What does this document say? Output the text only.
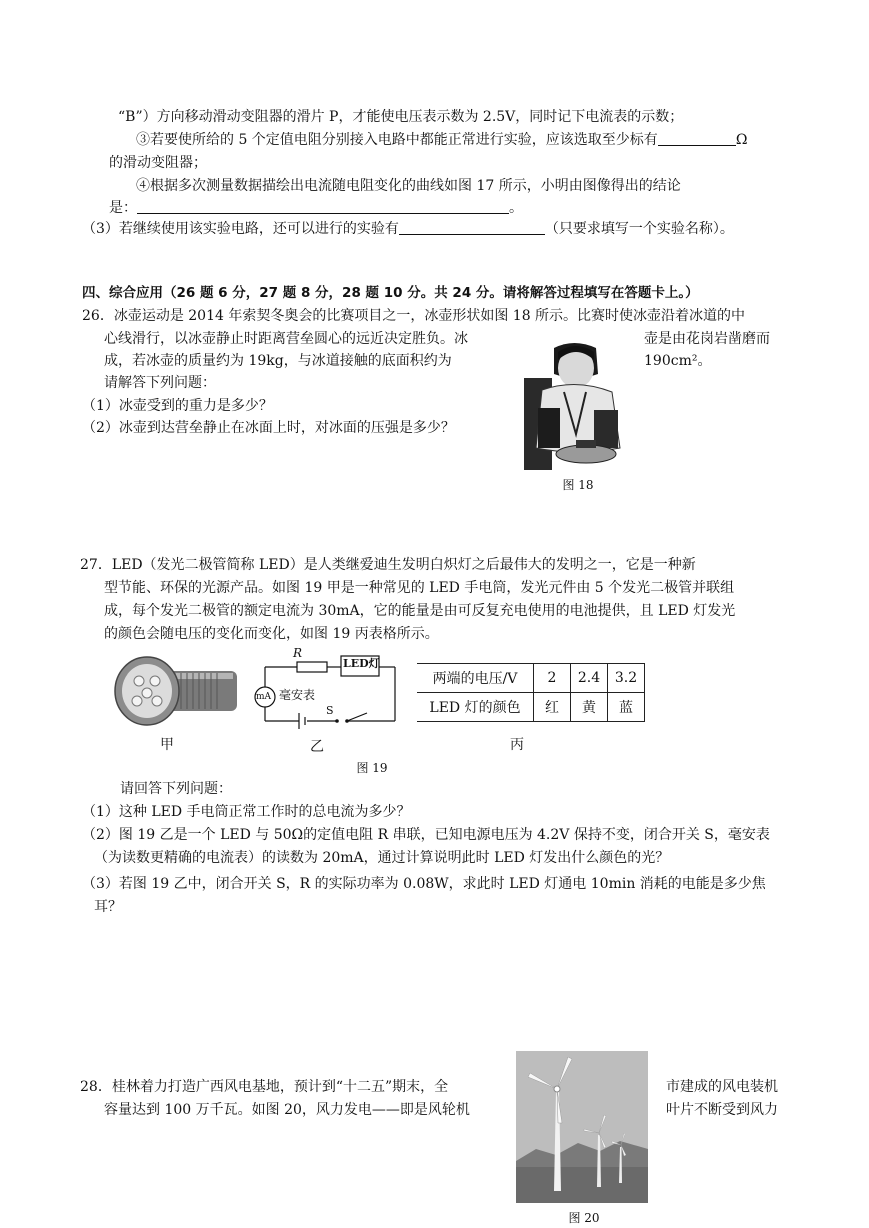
“B”）方向移动滑动变阻器的滑片 P，才能使电压表示数为 2.5V，同时记下电流表的示数；
③若要使所给的 5 个定值电阻分别接入电路中都能正常进行实验，应该选取至少标有	Ω
的滑动变阻器；
④根据多次测量数据描绘出电流随电阻变化的曲线如图 17 所示，小明由图像得出的结论
是：	。
（3）若继续使用该实验电路，还可以进行的实验有	（只要求填写一个实验名称）。
四、综合应用（26 题 6 分，27 题 8 分，28 题 10 分。共 24 分。请将解答过程填写在答题卡上。）
26．冰壶运动是 2014 年索契冬奥会的比赛项目之一，冰壶形状如图 18 所示。比赛时使冰壶沿着冰道的中
心线滑行，以冰壶静止时距离营垒圆心的远近决定胜负。冰	壶是由花岗岩凿磨而
成，若冰壶的质量约为 19kg，与冰道接触的底面积约为	190cm²。
请解答下列问题：
（1）冰壶受到的重力是多少？
（2）冰壶到达营垒静止在冰面上时，对冰面的压强是多少？
图 18
27．LED（发光二极管简称 LED）是人类继爱迪生发明白炽灯之后最伟大的发明之一，它是一种新
型节能、环保的光源产品。如图 19 甲是一种常见的 LED 手电筒，发光元件由 5 个发光二极管并联组
成，每个发光二极管的额定电流为 30mA，它的能量是由可反复充电使用的电池提供，且 LED 灯发光
的颜色会随电压的变化而变化，如图 19 丙表格所示。
R
LED灯
mA 毫安表
S
两端的电压/V	2	2.4	3.2
LED 灯的颜色	红	黄	蓝
甲	乙	丙
图 19
请回答下列问题：
（1）这种 LED 手电筒正常工作时的总电流为多少？
（2）图 19 乙是一个 LED 与 50Ω的定值电阻 R 串联，已知电源电压为 4.2V 保持不变，闭合开关 S，毫安表
（为读数更精确的电流表）的读数为 20mA，通过计算说明此时 LED 灯发出什么颜色的光？
（3）若图 19 乙中，闭合开关 S，R 的实际功率为 0.08W，求此时 LED 灯通电 10min 消耗的电能是多少焦
耳？
28．桂林着力打造广西风电基地，预计到“十二五”期末，全	市建成的风电装机
容量达到 100 万千瓦。如图 20，风力发电——即是风轮机	叶片不断受到风力
图 20
